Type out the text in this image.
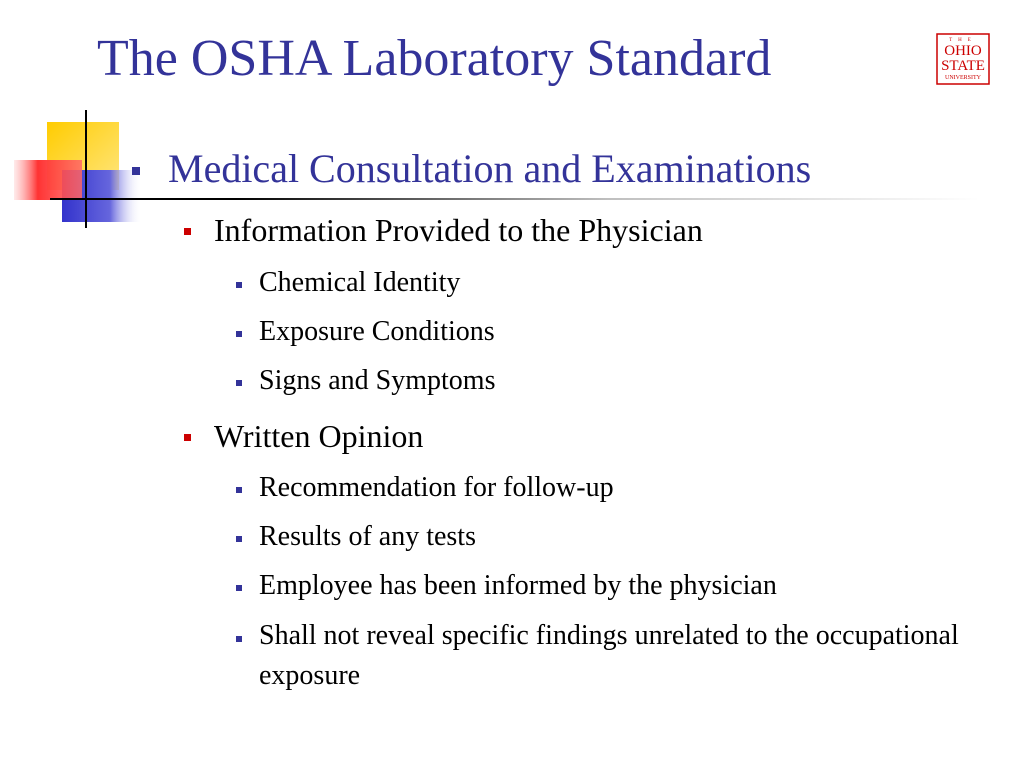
The OSHA Laboratory Standard	THE
OHIO
STATE
UNIVERSITY
Medical Consultation and Examinations
Information Provided to the Physician
Chemical Identity
Exposure Conditions
Signs and Symptoms
Written Opinion
Recommendation for follow-up
Results of any tests
Employee has been informed by the physician
Shall not reveal specific findings unrelated to the occupational exposure
